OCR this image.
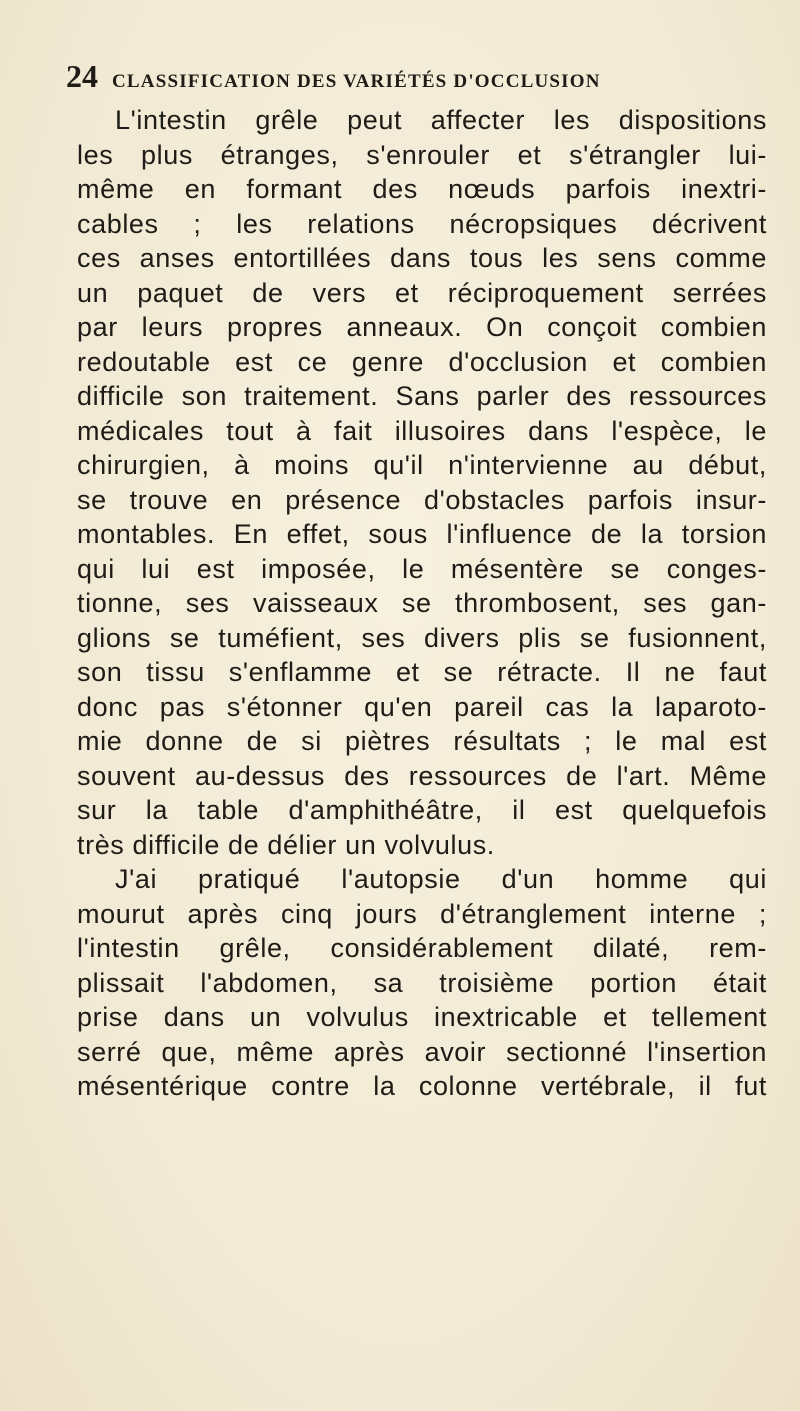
24 CLASSIFICATION DES VARIÉTÉS D'OCCLUSION
L'intestin grêle peut affecter les dispositions
les plus étranges, s'enrouler et s'étrangler lui-
même en formant des nœuds parfois inextri-
cables ; les relations nécropsiques décrivent
ces anses entortillées dans tous les sens comme
un paquet de vers et réciproquement serrées
par leurs propres anneaux. On conçoit combien
redoutable est ce genre d'occlusion et combien
difficile son traitement. Sans parler des ressources
médicales tout à fait illusoires dans l'espèce, le
chirurgien, à moins qu'il n'intervienne au début,
se trouve en présence d'obstacles parfois insur-
montables. En effet, sous l'influence de la torsion
qui lui est imposée, le mésentère se conges-
tionne, ses vaisseaux se thrombosent, ses gan-
glions se tuméfient, ses divers plis se fusionnent,
son tissu s'enflamme et se rétracte. Il ne faut
donc pas s'étonner qu'en pareil cas la laparoto-
mie donne de si piètres résultats ; le mal est
souvent au-dessus des ressources de l'art. Même
sur la table d'amphithéâtre, il est quelquefois
très difficile de délier un volvulus.
J'ai pratiqué l'autopsie d'un homme qui
mourut après cinq jours d'étranglement interne ;
l'intestin grêle, considérablement dilaté, rem-
plissait l'abdomen, sa troisième portion était
prise dans un volvulus inextricable et tellement
serré que, même après avoir sectionné l'insertion
mésentérique contre la colonne vertébrale, il fut
